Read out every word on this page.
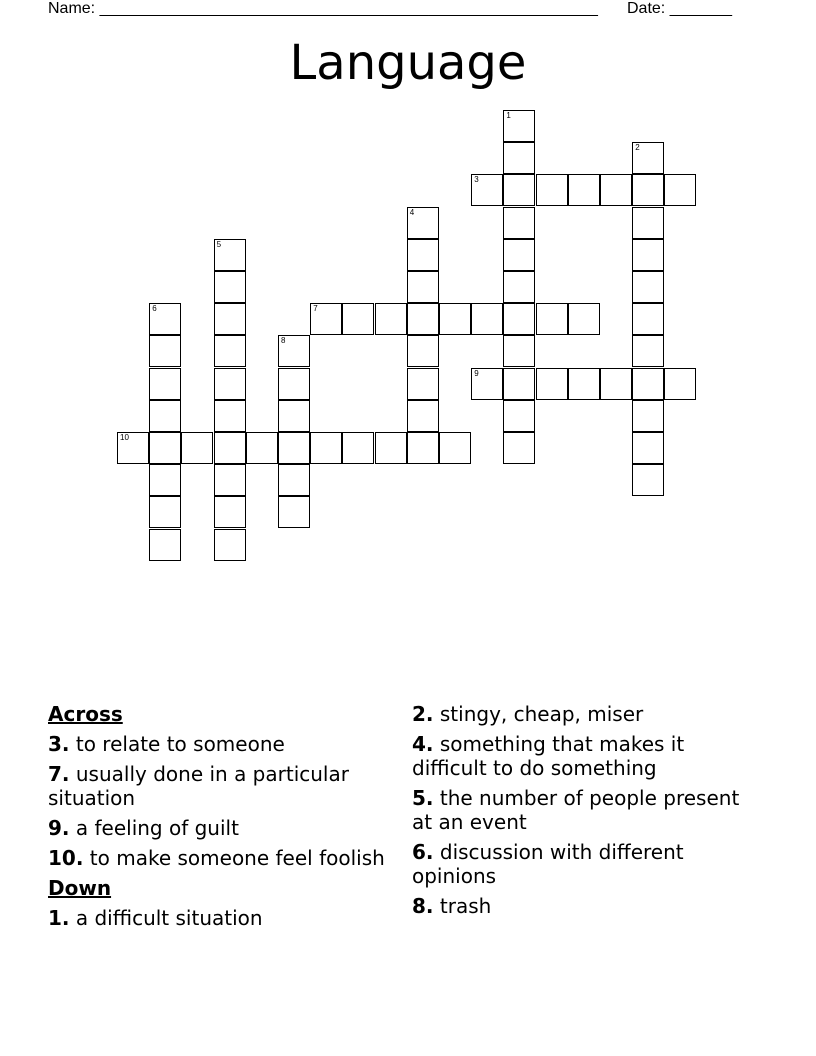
Name: ________________________________________________________ Date: _______
Language
1
2
3
4
5
6	7
8
9
10
Across
3. to relate to someone
7. usually done in a particular situation
9. a feeling of guilt
10. to make someone feel foolish
Down
1. a difficult situation
2. stingy, cheap, miser
4. something that makes it difficult to do something
5. the number of people present at an event
6. discussion with different opinions
8. trash
